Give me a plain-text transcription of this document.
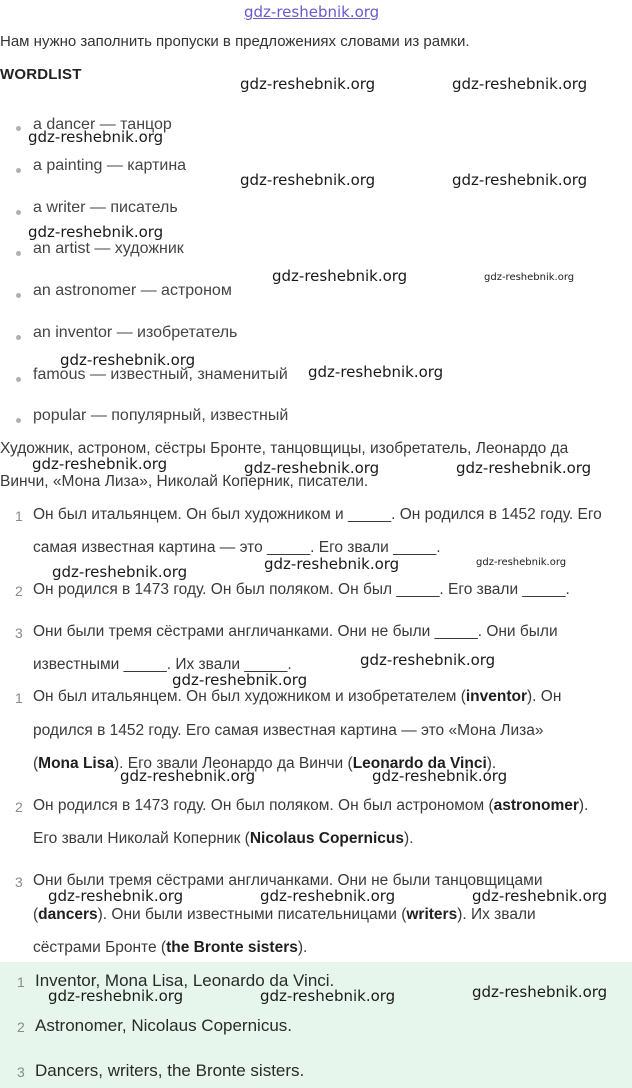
gdz-reshebnik.org
Нам нужно заполнить пропуски в предложениях словами из рамки.
WORDLIST
a dancer — танцор
a painting — картина
a writer — писатель
an artist — художник
an astronomer — астроном
an inventor — изобретатель
famous — известный, знаменитый
popular — популярный, известный
Художник, астроном, сёстры Бронте, танцовщицы, изобретатель, Леонардо да
Винчи, «Мона Лиза», Николай Коперник, писатели.
1 Он был итальянцем. Он был художником и _____. Он родился в 1452 году. Его
самая известная картина — это _____. Его звали _____.
2 Он родился в 1473 году. Он был поляком. Он был _____. Его звали _____.
3 Они были тремя сёстрами англичанками. Они не были _____. Они были
известными _____. Их звали _____.
1 Он был итальянцем. Он был художником и изобретателем (inventor). Он
родился в 1452 году. Его самая известная картина — это «Мона Лиза»
(Mona Lisa). Его звали Леонардо да Винчи (Leonardo da Vinci).
2 Он родился в 1473 году. Он был поляком. Он был астрономом (astronomer).
Его звали Николай Коперник (Nicolaus Copernicus).
3 Они были тремя сёстрами англичанками. Они не были танцовщицами
(dancers). Они были известными писательницами (writers). Их звали
сёстрами Бронте (the Bronte sisters).
1 Inventor, Mona Lisa, Leonardo da Vinci.
2 Astronomer, Nicolaus Copernicus.
3 Dancers, writers, the Bronte sisters.
gdz-reshebnik.org	gdz-reshebnik.org
gdz-reshebnik.org
gdz-reshebnik.org	gdz-reshebnik.org
gdz-reshebnik.org
gdz-reshebnik.org	gdz-reshebnik.org
gdz-reshebnik.org
gdz-reshebnik.org
gdz-reshebnik.org	gdz-reshebnik.org	gdz-reshebnik.org
gdz-reshebnik.org	gdz-reshebnik.org
gdz-reshebnik.org
gdz-reshebnik.org
gdz-reshebnik.org
gdz-reshebnik.org	gdz-reshebnik.org
gdz-reshebnik.org	gdz-reshebnik.org	gdz-reshebnik.org
gdz-reshebnik.org	gdz-reshebnik.org	gdz-reshebnik.org
